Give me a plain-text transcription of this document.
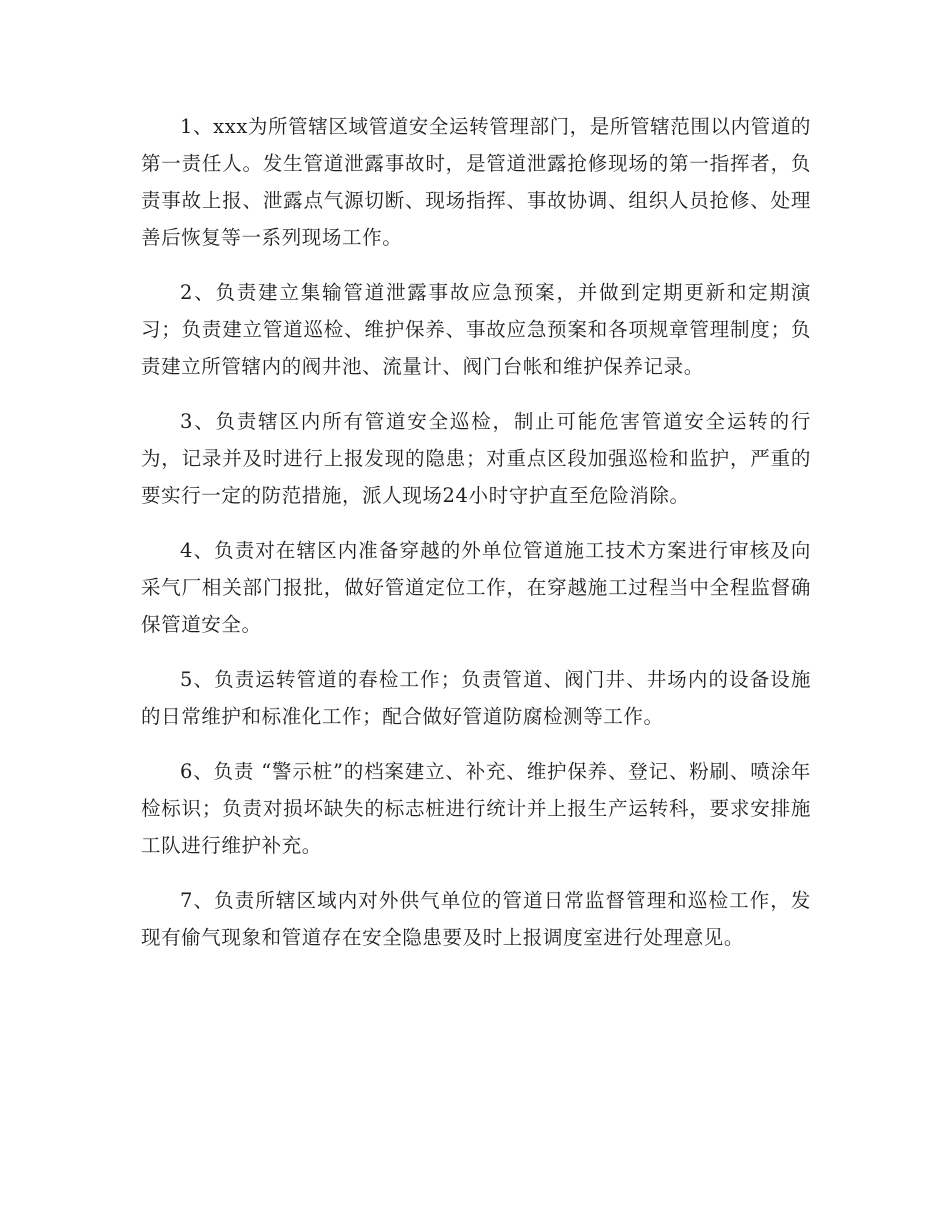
1、xxx为所管辖区域管道安全运转管理部门，是所管辖范围以内管道的第一责任人。发生管道泄露事故时，是管道泄露抢修现场的第一指挥者，负责事故上报、泄露点气源切断、现场指挥、事故协调、组织人员抢修、处理善后恢复等一系列现场工作。

2、负责建立集输管道泄露事故应急预案，并做到定期更新和定期演习；负责建立管道巡检、维护保养、事故应急预案和各项规章管理制度；负责建立所管辖内的阀井池、流量计、阀门台帐和维护保养记录。

3、负责辖区内所有管道安全巡检，制止可能危害管道安全运转的行为，记录并及时进行上报发现的隐患；对重点区段加强巡检和监护，严重的要实行一定的防范措施，派人现场24小时守护直至危险消除。

4、负责对在辖区内准备穿越的外单位管道施工技术方案进行审核及向采气厂相关部门报批，做好管道定位工作，在穿越施工过程当中全程监督确保管道安全。

5、负责运转管道的春检工作；负责管道、阀门井、井场内的设备设施的日常维护和标准化工作；配合做好管道防腐检测等工作。

6、负责 “警示桩”的档案建立、补充、维护保养、登记、粉刷、喷涂年检标识；负责对损坏缺失的标志桩进行统计并上报生产运转科，要求安排施工队进行维护补充。

7、负责所辖区域内对外供气单位的管道日常监督管理和巡检工作，发现有偷气现象和管道存在安全隐患要及时上报调度室进行处理意见。
